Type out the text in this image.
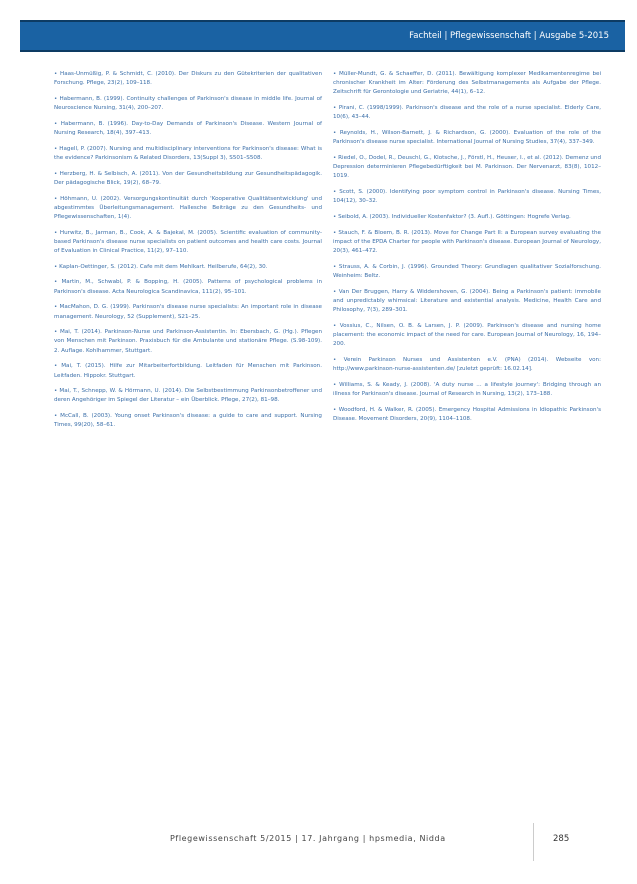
Fachteil | Pflegewissenschaft | Ausgabe 5-2015

• Haas-Unmüßig, P. & Schmidt, C. (2010). Der Diskurs zu den Gütekriterien der qualitativen Forschung. Pflege, 23(2), 109–118.

• Habermann, B. (1999). Continuity challenges of Parkinson's disease in middle life. Journal of Neuroscience Nursing, 31(4), 200–207.

• Habermann, B. (1996). Day-to-Day Demands of Parkinson's Disease. Western Journal of Nursing Research, 18(4), 397–413.

• Hagell, P. (2007). Nursing and multidisciplinary interventions for Parkinson's disease: What is the evidence? Parkinsonism & Related Disorders, 13(Suppl 3), S501–S508.

• Herzberg, H. & Selbisch, A. (2011). Von der Gesundheitsbildung zur Gesundheitspädagogik. Der pädagogische Blick, 19(2), 68–79.

• Höhmann, U. (2002). Versorgungskontinuität durch 'Kooperative Qualitätsentwicklung' und abgestimmtes Überleitungsmanagement. Hallesche Beiträge zu den Gesundheits- und Pflegewissenschaften, 1(4).

• Hurwitz, B., Jarman, B., Cook, A. & Bajekal, M. (2005). Scientific evaluation of community-based Parkinson's disease nurse specialists on patient outcomes and health care costs. Journal of Evaluation in Clinical Practice, 11(2), 97–110.

• Kaplan-Oettinger, S. (2012). Cafe mit dem Mehlkart. Heilberufe, 64(2), 30.

• Martin, M., Schwabl, P. & Bopping, H. (2005). Patterns of psychological problems in Parkinson's disease. Acta Neurologica Scandinavica, 111(2), 95–101.

• MacMahon, D. G. (1999). Parkinson's disease nurse specialists: An important role in disease management. Neurology, 52 (Supplement), S21–25.

• Mai, T. (2014). Parkinson-Nurse und Parkinson-Assistentin. In: Ebersbach, G. (Hg.). Pflegen von Menschen mit Parkinson. Praxisbuch für die Ambulante und stationäre Pflege. (S.98-109). 2. Auflage. Kohlhammer, Stuttgart.

• Mai, T. (2015). Hilfe zur Mitarbeiterfortbildung. Leitfaden für Menschen mit Parkinson. Leitfaden. Hippokr. Stuttgart.

• Mai, T., Schnepp, W. & Hörmann, U. (2014). Die Selbstbestimmung Parkinsonbetroffener und deren Angehöriger im Spiegel der Literatur – ein Überblick. Pflege, 27(2), 81–98.

• McCall, B. (2003). Young onset Parkinson's disease: a guide to care and support. Nursing Times, 99(20), 58–61.

• Müller-Mundt, G. & Schaeffer, D. (2011). Bewältigung komplexer Medikamentenregime bei chronischer Krankheit im Alter: Förderung des Selbstmanagements als Aufgabe der Pflege. Zeitschrift für Gerontologie und Geriatrie, 44(1), 6–12.

• Pirani, C. (1998/1999). Parkinson's disease and the role of a nurse specialist. Elderly Care, 10(6), 43–44.

• Reynolds, H., Wilson-Barnett, J. & Richardson, G. (2000). Evaluation of the role of the Parkinson's disease nurse specialist. International Journal of Nursing Studies, 37(4), 337–349.

• Riedel, O., Dodel, R., Deuschl, G., Klotsche, J., Förstl, H., Heuser, I., et al. (2012). Demenz und Depression determinieren Pflegebedürftigkeit bei M. Parkinson. Der Nervenarzt, 83(8), 1012–1019.

• Scott, S. (2000). Identifying poor symptom control in Parkinson's disease. Nursing Times, 104(12), 30–32.

• Seibold, A. (2003). Individueller Kostenfaktor? (3. Aufl.). Göttingen: Hogrefe Verlag.

• Stauch, F. & Bloem, B. R. (2013). Move for Change Part II: a European survey evaluating the impact of the EPDA Charter for people with Parkinson's disease. European Journal of Neurology, 20(3), 461–472.

• Strauss, A. & Corbin, J. (1996). Grounded Theory: Grundlagen qualitativer Sozialforschung. Weinheim: Beltz.

• Van Der Bruggen, Harry & Widdershoven, G. (2004). Being a Parkinson's patient: immobile and unpredictably whimsical: Literature and existential analysis. Medicine, Health Care and Philosophy, 7(3), 289–301.

• Vossius, C., Nilsen, O. B. & Larsen, J. P. (2009). Parkinson's disease and nursing home placement: the economic impact of the need for care. European Journal of Neurology, 16, 194–200.

• Verein Parkinson Nurses und Assistenten e.V. (PNA) (2014). Webseite von: http://www.parkinson-nurse-assistenten.de/ [zuletzt geprüft: 16.02.14].

• Williams, S. & Keady, J. (2008). 'A duty nurse ... a lifestyle journey': Bridging through an illness for Parkinson's disease. Journal of Research in Nursing, 13(2), 173–188.

• Woodford, H. & Walker, R. (2005). Emergency Hospital Admissions in Idiopathic Parkinson's Disease. Movement Disorders, 20(9), 1104–1108.

Pflegewissenschaft 5/2015 | 17. Jahrgang | hpsmedia, Nidda	285
